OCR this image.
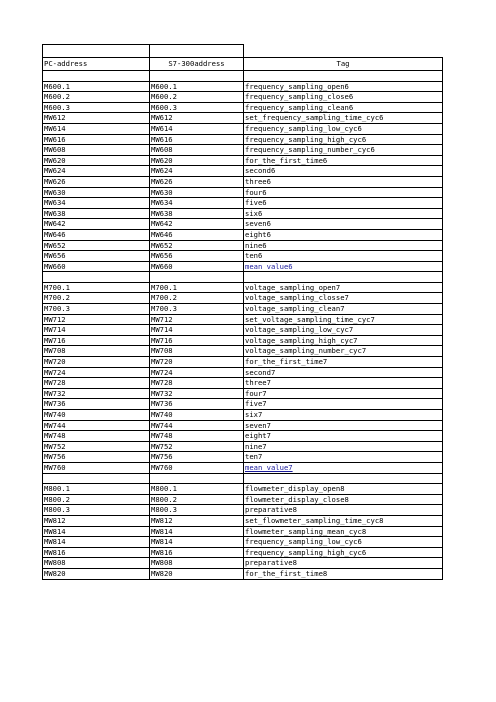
PC-address	S7-300address	Tag

M600.1	M600.1	frequency_sampling_open6
M600.2	M600.2	frequency_sampling_close6
M600.3	M600.3	frequency_sampling_clean6
MW612	MW612	set_frequency_sampling_time_cyc6
MW614	MW614	frequency_sampling_low_cyc6
MW616	MW616	frequency_sampling_high_cyc6
MW608	MW608	frequency_sampling_number_cyc6
MW620	MW620	for_the_first_time6
MW624	MW624	second6
MW626	MW626	three6
MW630	MW630	four6
MW634	MW634	five6
MW638	MW638	six6
MW642	MW642	seven6
MW646	MW646	eight6
MW652	MW652	nine6
MW656	MW656	ten6
MW660	MW660	mean value6

M700.1	M700.1	voltage_sampling_open7
M700.2	M700.2	voltage_sampling_closse7
M700.3	M700.3	voltage_sampling_clean7
MW712	MW712	set_voltage_sampling_time_cyc7
MW714	MW714	voltage_sampling_low_cyc7
MW716	MW716	voltage_sampling_high_cyc7
MW708	MW708	voltage_sampling_number_cyc7
MW720	MW720	for_the_first_time7
MW724	MW724	second7
MW728	MW728	three7
MW732	MW732	four7
MW736	MW736	five7
MW740	MW740	six7
MW744	MW744	seven7
MW748	MW748	eight7
MW752	MW752	nine7
MW756	MW756	ten7
MW760	MW760	mean value7

M800.1	M800.1	flowmeter_display_open8
M800.2	M800.2	flowmeter_display_close8
M800.3	M800.3	preparative8
MW812	MW812	set_flowmeter_sampling_time_cyc8
MW814	MW814	flowmeter_sampling_mean_cyc8
MW814	MW814	frequency_sampling_low_cyc6
MW816	MW816	frequency_sampling_high_cyc6
MW808	MW808	preparative8
MW820	MW820	for_the_first_time8
